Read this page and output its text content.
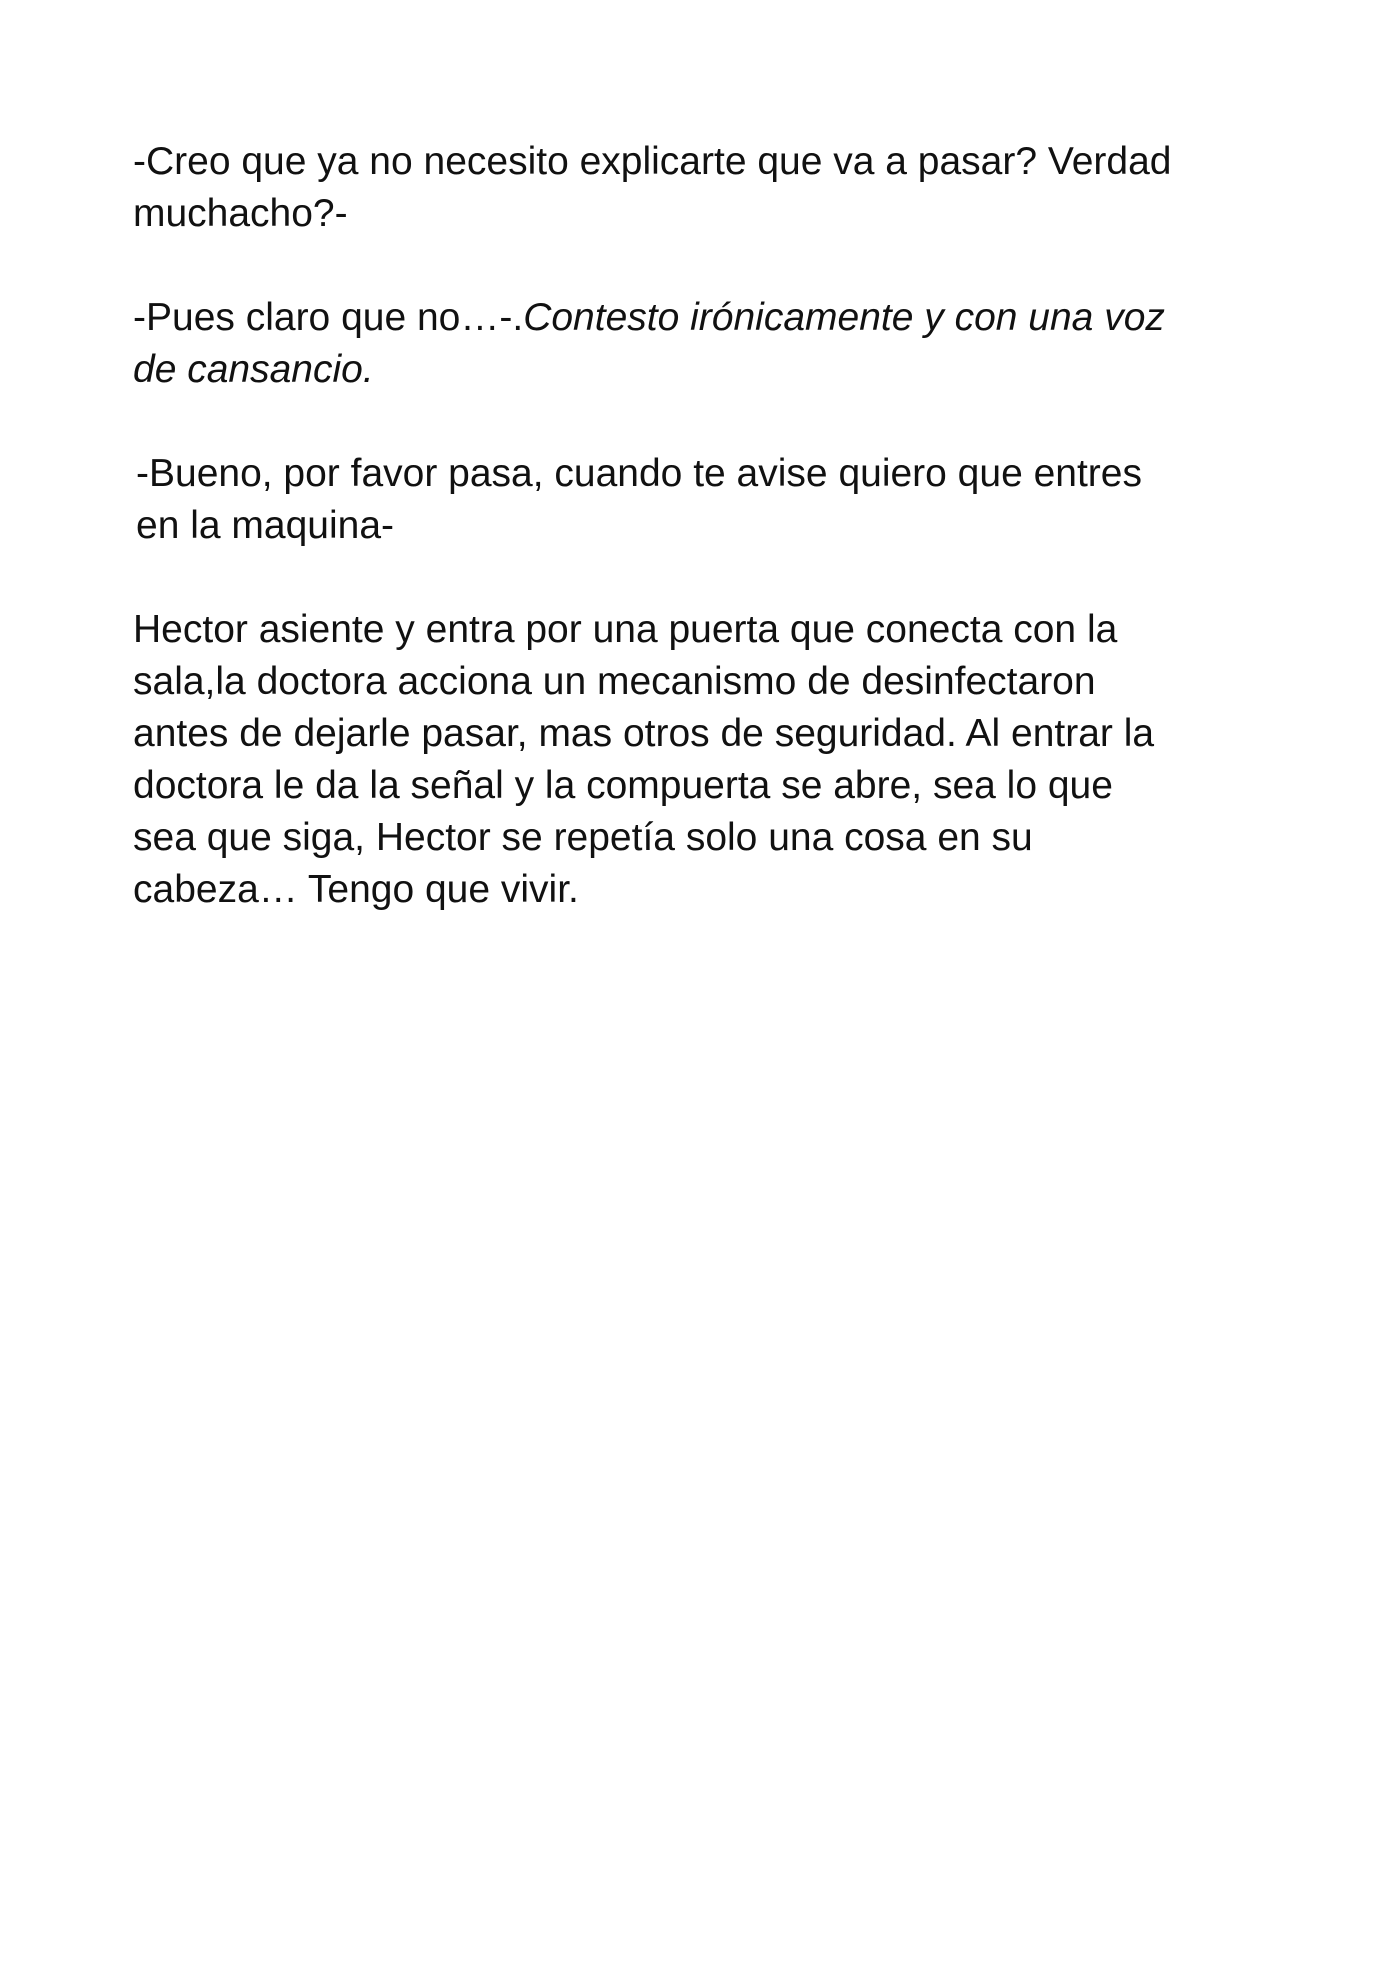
-Creo que ya no necesito explicarte que va a pasar? Verdad
muchacho?-

-Pues claro que no…-.Contesto irónicamente y con una voz
de cansancio.

-Bueno, por favor pasa, cuando te avise quiero que entres
en la maquina-

Hector asiente y entra por una puerta que conecta con la
sala,la doctora acciona un mecanismo de desinfectaron
antes de dejarle pasar, mas otros de seguridad. Al entrar la
doctora le da la señal y la compuerta se abre, sea lo que
sea que siga, Hector se repetía solo una cosa en su
cabeza… Tengo que vivir.
